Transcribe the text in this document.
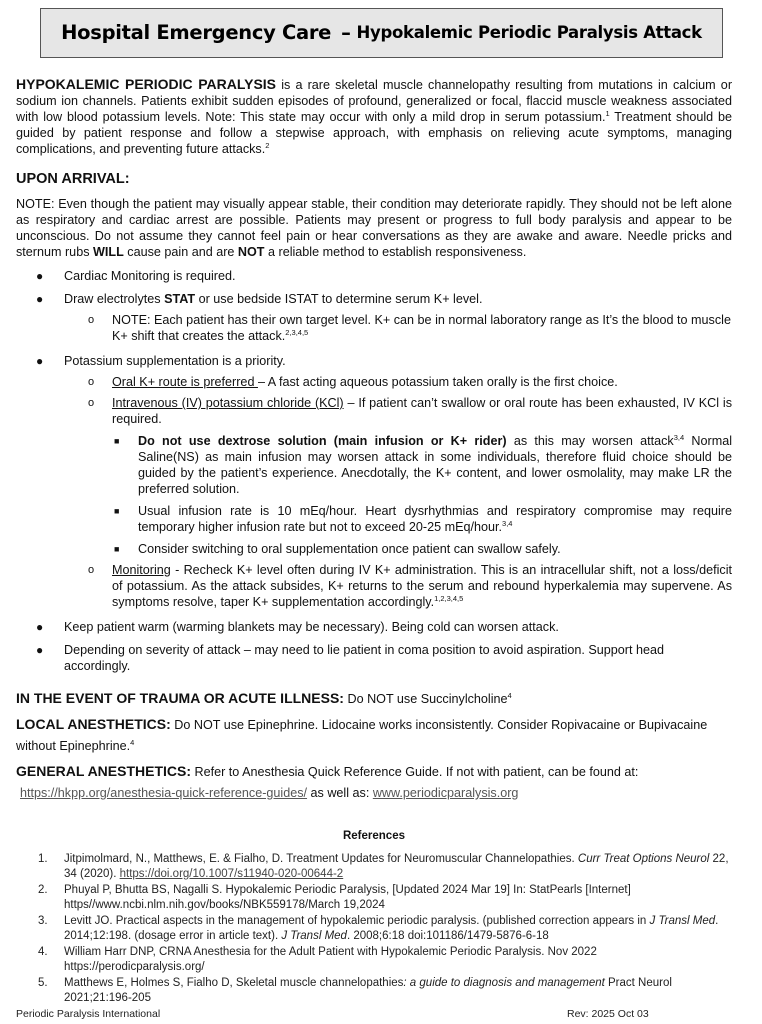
Hospital Emergency Care – Hypokalemic Periodic Paralysis Attack

HYPOKALEMIC PERIODIC PARALYSIS is a rare skeletal muscle channelopathy resulting from mutations in calcium or sodium ion channels. Patients exhibit sudden episodes of profound, generalized or focal, flaccid muscle weakness associated with low blood potassium levels. Note: This state may occur with only a mild drop in serum potassium.$^1$ Treatment should be guided by patient response and follow a stepwise approach, with emphasis on relieving acute symptoms, managing complications, and preventing future attacks.$^2$

UPON ARRIVAL:

NOTE: Even though the patient may visually appear stable, their condition may deteriorate rapidly. They should not be left alone as respiratory and cardiac arrest are possible. Patients may present or progress to full body paralysis and appear to be unconscious. Do not assume they cannot feel pain or hear conversations as they are awake and aware. Needle pricks and sternum rubs WILL cause pain and are NOT a reliable method to establish responsiveness.

● Cardiac Monitoring is required.
● Draw electrolytes STAT or use bedside ISTAT to determine serum K+ level.
o NOTE: Each patient has their own target level. K+ can be in normal laboratory range as It’s the blood to muscle K+ shift that creates the attack.$^{2,3,4,5}$
● Potassium supplementation is a priority.
o Oral K+ route is preferred – A fast acting aqueous potassium taken orally is the first choice.
o Intravenous (IV) potassium chloride (KCl) – If patient can’t swallow or oral route has been exhausted, IV KCl is required.
■ Do not use dextrose solution (main infusion or K+ rider) as this may worsen attack$^{3,4}$ Normal Saline(NS) as main infusion may worsen attack in some individuals, therefore fluid choice should be guided by the patient’s experience. Anecdotally, the K+ content, and lower osmolality, may make LR the preferred solution.
■ Usual infusion rate is 10 mEq/hour. Heart dysrhythmias and respiratory compromise may require temporary higher infusion rate but not to exceed 20-25 mEq/hour.$^{3,4}$
■ Consider switching to oral supplementation once patient can swallow safely.
o Monitoring - Recheck K+ level often during IV K+ administration. This is an intracellular shift, not a loss/deficit of potassium. As the attack subsides, K+ returns to the serum and rebound hyperkalemia may supervene. As symptoms resolve, taper K+ supplementation accordingly.$^{1,2,3,4,5}$
● Keep patient warm (warming blankets may be necessary). Being cold can worsen attack.
● Depending on severity of attack – may need to lie patient in coma position to avoid aspiration. Support head accordingly.

IN THE EVENT OF TRAUMA OR ACUTE ILLNESS: Do NOT use Succinylcholine$^4$

LOCAL ANESTHETICS: Do NOT use Epinephrine. Lidocaine works inconsistently. Consider Ropivacaine or Bupivacaine without Epinephrine.$^4$

GENERAL ANESTHETICS: Refer to Anesthesia Quick Reference Guide. If not with patient, can be found at:
https://hkpp.org/anesthesia-quick-reference-guides/ as well as: www.periodicparalysis.org

References
1. Jitpimolmard, N., Matthews, E. & Fialho, D. Treatment Updates for Neuromuscular Channelopathies. Curr Treat Options Neurol 22, 34 (2020). https://doi.org/10.1007/s11940-020-00644-2
2. Phuyal P, Bhutta BS, Nagalli S. Hypokalemic Periodic Paralysis, [Updated 2024 Mar 19] In: StatPearls [Internet] https//www.ncbi.nlm.nih.gov/books/NBK559178/March 19,2024
3. Levitt JO. Practical aspects in the management of hypokalemic periodic paralysis. (published correction appears in J Transl Med. 2014;12:198. (dosage error in article text). J Transl Med. 2008;6:18 doi:101186/1479-5876-6-18
4. William Harr DNP, CRNA Anesthesia for the Adult Patient with Hypokalemic Periodic Paralysis. Nov 2022 https://perodicparalysis.org/
5. Matthews E, Holmes S, Fialho D, Skeletal muscle channelopathies: a guide to diagnosis and management Pract Neurol 2021;21:196-205
Periodic Paralysis International	Rev: 2025 Oct 03
